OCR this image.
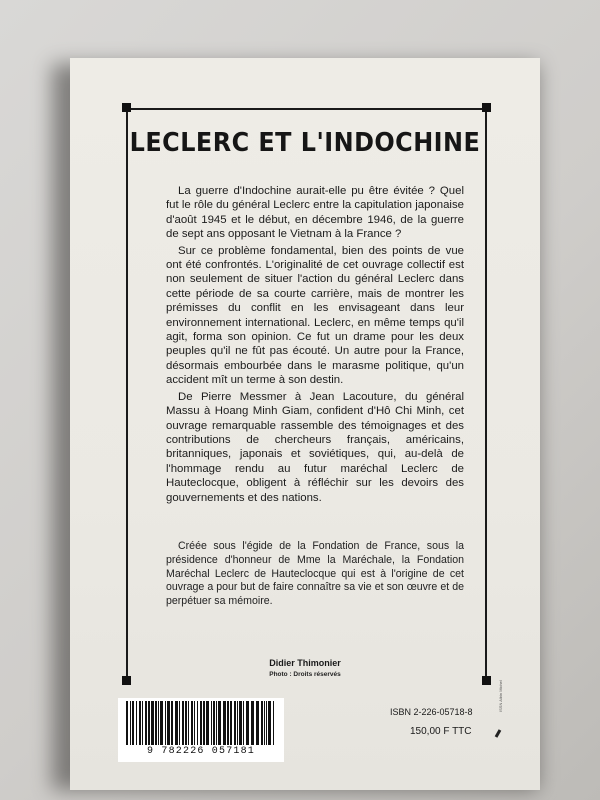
LECLERC ET L'INDOCHINE

La guerre d'Indochine aurait-elle pu être évitée ? Quel fut le rôle du général Leclerc entre la capitulation japonaise d'août 1945 et le début, en décembre 1946, de la guerre de sept ans opposant le Vietnam à la France ?

Sur ce problème fondamental, bien des points de vue ont été confrontés. L'originalité de cet ouvrage collectif est non seulement de situer l'action du général Leclerc dans cette période de sa courte carrière, mais de montrer les prémisses du conflit en les envisageant dans leur environnement international. Leclerc, en même temps qu'il agit, forma son opinion. Ce fut un drame pour les deux peuples qu'il ne fût pas écouté. Un autre pour la France, désormais embourbée dans le marasme politique, qu'un accident mît un terme à son destin.

De Pierre Messmer à Jean Lacouture, du général Massu à Hoang Minh Giam, confident d'Hô Chi Minh, cet ouvrage remarquable rassemble des témoignages et des contributions de chercheurs français, américains, britanniques, japonais et soviétiques, qui, au-delà de l'hommage rendu au futur maréchal Leclerc de Hauteclocque, obligent à réfléchir sur les devoirs des gouvernements et des nations.

Créée sous l'égide de la Fondation de France, sous la présidence d'honneur de Mme la Maréchale, la Fondation Maréchal Leclerc de Hauteclocque qui est à l'origine de cet ouvrage a pour but de faire connaître sa vie et son œuvre et de perpétuer sa mémoire.

Didier Thimonier
Photo : Droits réservés
9 782226 057181
ISBN 2-226-05718-8
150,00 F TTC
ISSN Albin Michel
